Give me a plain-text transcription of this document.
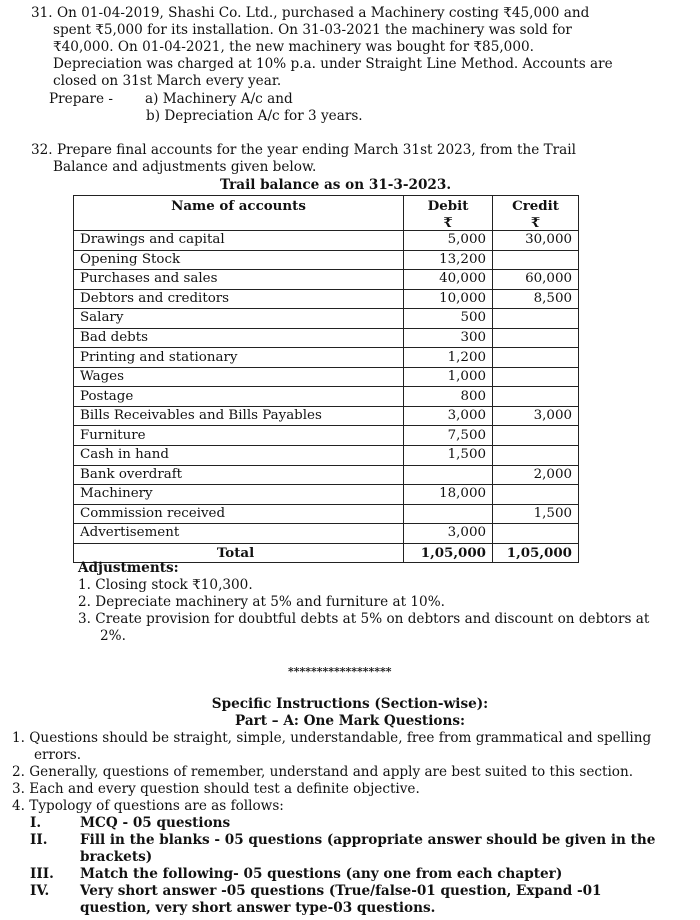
31. On 01-04-2019, Shashi Co. Ltd., purchased a Machinery costing ₹45,000 and
spent ₹5,000 for its installation. On 31-03-2021 the machinery was sold for
₹40,000. On 01-04-2021, the new machinery was bought for ₹85,000.
Depreciation was charged at 10% p.a. under Straight Line Method. Accounts are
closed on 31st March every year.
Prepare - a) Machinery A/c and
b) Depreciation A/c for 3 years.
32. Prepare final accounts for the year ending March 31st 2023, from the Trail
Balance and adjustments given below.
Trail balance as on 31-3-2023.
Name of accounts	Debit	Credit
	₹	₹
Drawings and capital	5,000	30,000
Opening Stock	13,200	
Purchases and sales	40,000	60,000
Debtors and creditors	10,000	8,500
Salary	500	
Bad debts	300	
Printing and stationary	1,200	
Wages	1,000	
Postage	800	
Bills Receivables and Bills Payables	3,000	3,000
Furniture	7,500	
Cash in hand	1,500	
Bank overdraft		2,000
Machinery	18,000	
Commission received		1,500
Advertisement	3,000	
Total	1,05,000	1,05,000
Adjustments:
1. Closing stock ₹10,300.
2. Depreciate machinery at 5% and furniture at 10%.
3. Create provision for doubtful debts at 5% on debtors and discount on debtors at 2%.
******************
Specific Instructions (Section-wise):
Part – A: One Mark Questions:
1. Questions should be straight, simple, understandable, free from grammatical and spelling errors.
2. Generally, questions of remember, understand and apply are best suited to this section.
3. Each and every question should test a definite objective.
4. Typology of questions are as follows:
I.	MCQ - 05 questions
II. Fill in the blanks - 05 questions (appropriate answer should be given in the brackets)
III. Match the following- 05 questions (any one from each chapter)
IV. Very short answer -05 questions (True/false-01 question, Expand -01 question, very short answer type-03 questions.
